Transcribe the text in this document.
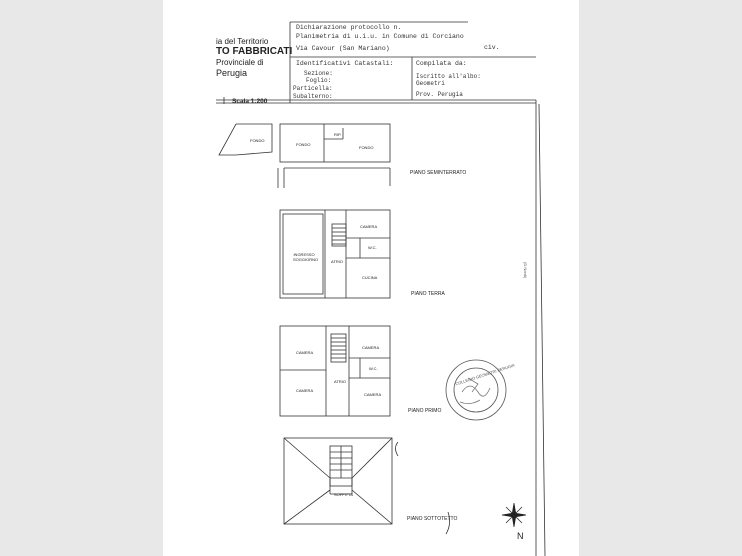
ia del Territorio
TO FABBRICATI
Provinciale di
Perugia
Dichiarazione protocollo n.
Planimetria di u.i.u. in Comune di Corciano
Via Cavour (San Mariano)	civ.
Identificativi Catastali:
Sezione:
Foglio:
Particella:
Subalterno:
Compilata da:
Iscritto all'albo:
Geometri
Prov. Perugia
Scala 1:200
FONDO
FONDO
FONDO
RIP.
INGRESSO SOGGIORNO
CAMERA
W.C.
CUCINA
ATRIO
CAMERA
CAMERA
CAMERA
CAMERA
W.C.
ATRIO
SOFFITTA
PIANO SEMINTERRATO
PIANO TERRA
PIANO PRIMO
PIANO SOTTOTETTO
N
COLLEGIO GEOMETRI PERUGIA
(D.Nordi)
